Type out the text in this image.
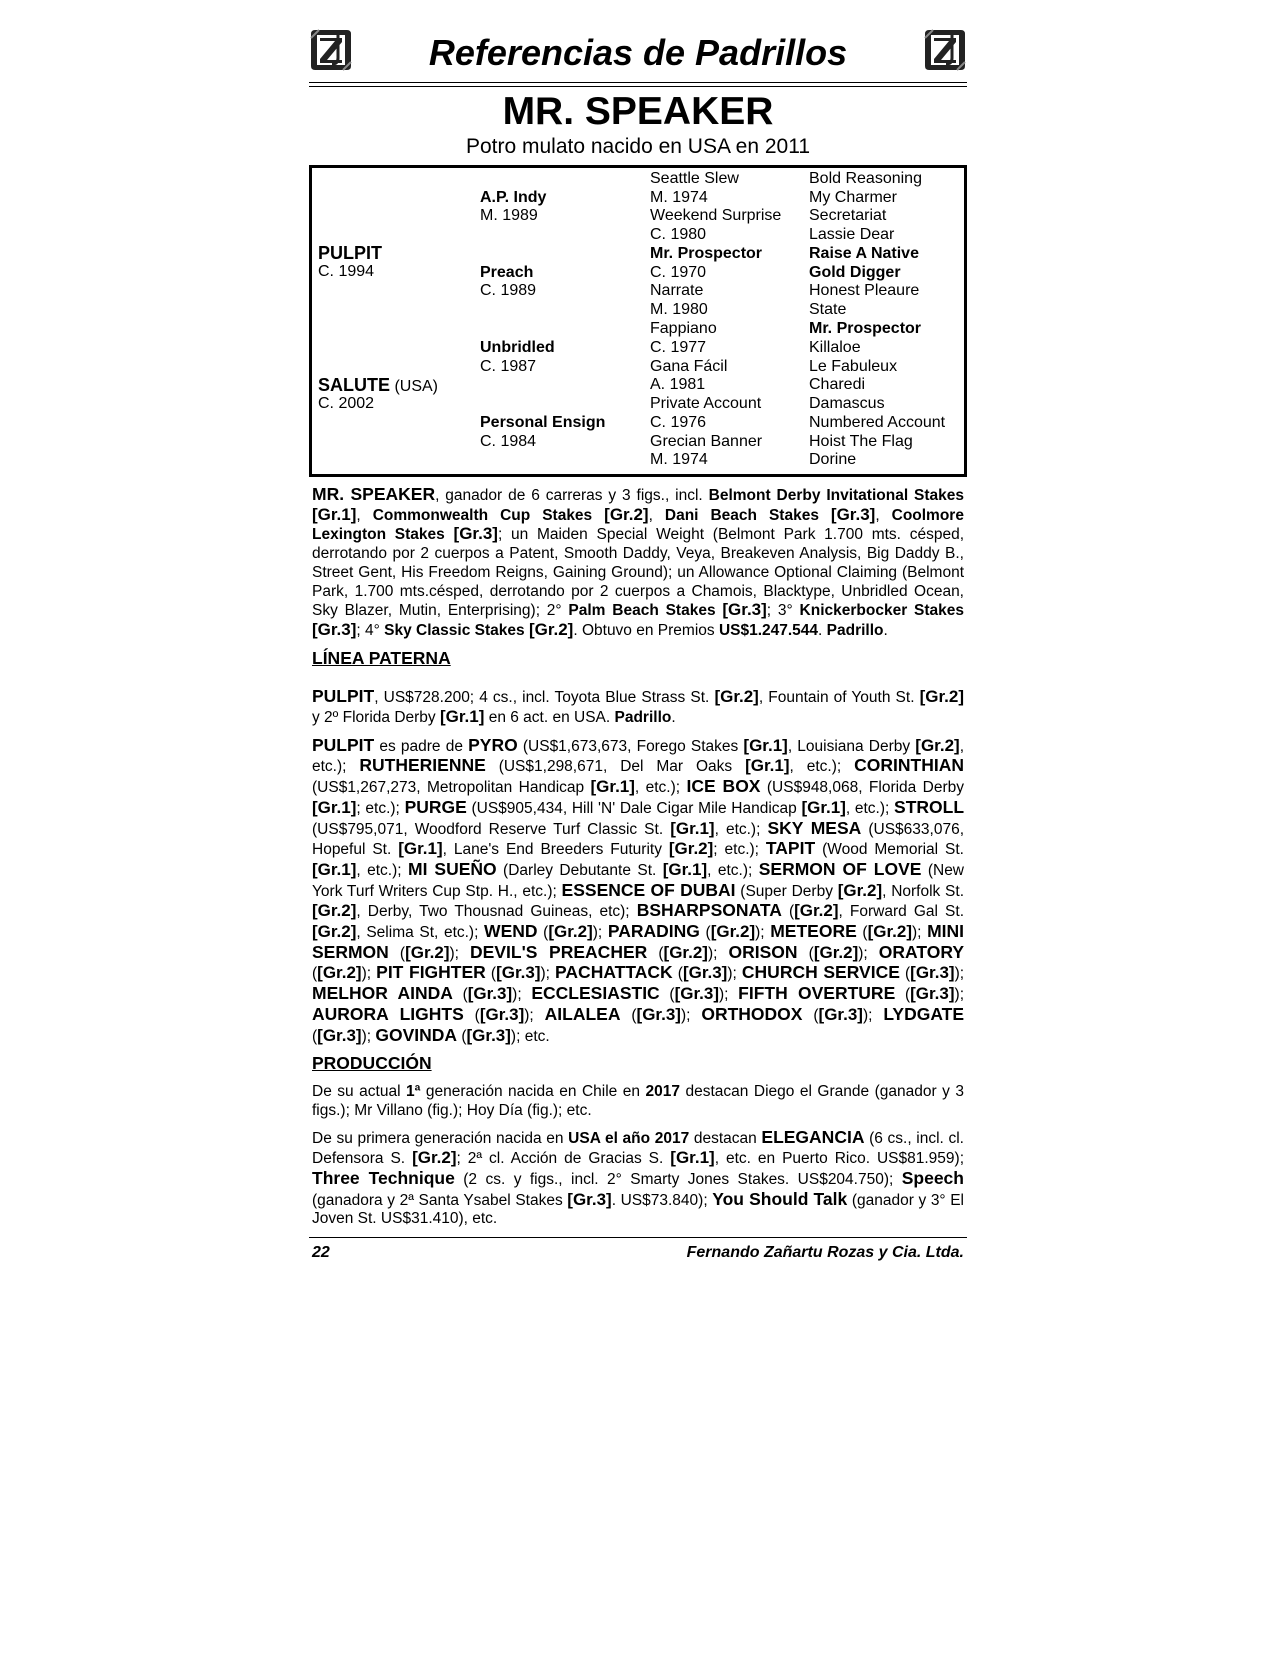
Referencias de Padrillos
MR. SPEAKER
Potro mulato nacido en USA en 2011
PULPIT
C. 1994
SALUTE (USA)
C. 2002
A.P. Indy
M. 1989
Preach
C. 1989
Unbridled
C. 1987
Personal Ensign
C. 1984
Seattle Slew
M. 1974
Weekend Surprise
C. 1980
Mr. Prospector
C. 1970
Narrate
M. 1980
Fappiano
C. 1977
Gana Fácil
A. 1981
Private Account
C. 1976
Grecian Banner
M. 1974
Bold Reasoning
My Charmer
Secretariat
Lassie Dear
Raise A Native
Gold Digger
Honest Pleaure
State
Mr. Prospector
Killaloe
Le Fabuleux
Charedi
Damascus
Numbered Account
Hoist The Flag
Dorine

MR. SPEAKER, ganador de 6 carreras y 3 figs., incl. Belmont Derby Invitational Stakes [Gr.1], Commonwealth Cup Stakes [Gr.2], Dani Beach Stakes [Gr.3], Coolmore Lexington Stakes [Gr.3]; un Maiden Special Weight (Belmont Park 1.700 mts. césped, derrotando por 2 cuerpos a Patent, Smooth Daddy, Veya, Breakeven Analysis, Big Daddy B., Street Gent, His Freedom Reigns, Gaining Ground); un Allowance Optional Claiming (Belmont Park, 1.700 mts.césped, derrotando por 2 cuerpos a Chamois, Blacktype, Unbridled Ocean, Sky Blazer, Mutin, Enterprising); 2° Palm Beach Stakes [Gr.3]; 3° Knickerbocker Stakes [Gr.3]; 4° Sky Classic Stakes [Gr.2]. Obtuvo en Premios US$1.247.544. Padrillo.

LÍNEA PATERNA

PULPIT, US$728.200; 4 cs., incl. Toyota Blue Strass St. [Gr.2], Fountain of Youth St. [Gr.2] y 2º Florida Derby [Gr.1] en 6 act. en USA. Padrillo.

PULPIT es padre de PYRO (US$1,673,673, Forego Stakes [Gr.1], Louisiana Derby [Gr.2], etc.); RUTHERIENNE (US$1,298,671, Del Mar Oaks [Gr.1], etc.); CORINTHIAN (US$1,267,273, Metropolitan Handicap [Gr.1], etc.); ICE BOX (US$948,068, Florida Derby [Gr.1]; etc.); PURGE (US$905,434, Hill 'N' Dale Cigar Mile Handicap [Gr.1], etc.); STROLL (US$795,071, Woodford Reserve Turf Classic St. [Gr.1], etc.); SKY MESA (US$633,076, Hopeful St. [Gr.1], Lane's End Breeders Futurity [Gr.2]; etc.); TAPIT (Wood Memorial St. [Gr.1], etc.); MI SUEÑO (Darley Debutante St. [Gr.1], etc.); SERMON OF LOVE (New York Turf Writers Cup Stp. H., etc.); ESSENCE OF DUBAI (Super Derby [Gr.2], Norfolk St. [Gr.2], Derby, Two Thousnad Guineas, etc); BSHARPSONATA ([Gr.2], Forward Gal St. [Gr.2], Selima St, etc.); WEND ([Gr.2]); PARADING ([Gr.2]); METEORE ([Gr.2]); MINI SERMON ([Gr.2]); DEVIL'S PREACHER ([Gr.2]); ORISON ([Gr.2]); ORATORY ([Gr.2]); PIT FIGHTER ([Gr.3]); PACHATTACK ([Gr.3]); CHURCH SERVICE ([Gr.3]); MELHOR AINDA ([Gr.3]); ECCLESIASTIC ([Gr.3]); FIFTH OVERTURE ([Gr.3]); AURORA LIGHTS ([Gr.3]); AILALEA ([Gr.3]); ORTHODOX ([Gr.3]); LYDGATE ([Gr.3]); GOVINDA ([Gr.3]); etc.

PRODUCCIÓN

De su actual 1ª generación nacida en Chile en 2017 destacan Diego el Grande (ganador y 3 figs.); Mr Villano (fig.); Hoy Día (fig.); etc.

De su primera generación nacida en USA el año 2017 destacan ELEGANCIA (6 cs., incl. cl. Defensora S. [Gr.2]; 2ª cl. Acción de Gracias S. [Gr.1], etc. en Puerto Rico. US$81.959); Three Technique (2 cs. y figs., incl. 2° Smarty Jones Stakes. US$204.750); Speech (ganadora y 2ª Santa Ysabel Stakes [Gr.3]. US$73.840); You Should Talk (ganador y 3° El Joven St. US$31.410), etc.

22	Fernando Zañartu Rozas y Cia. Ltda.
